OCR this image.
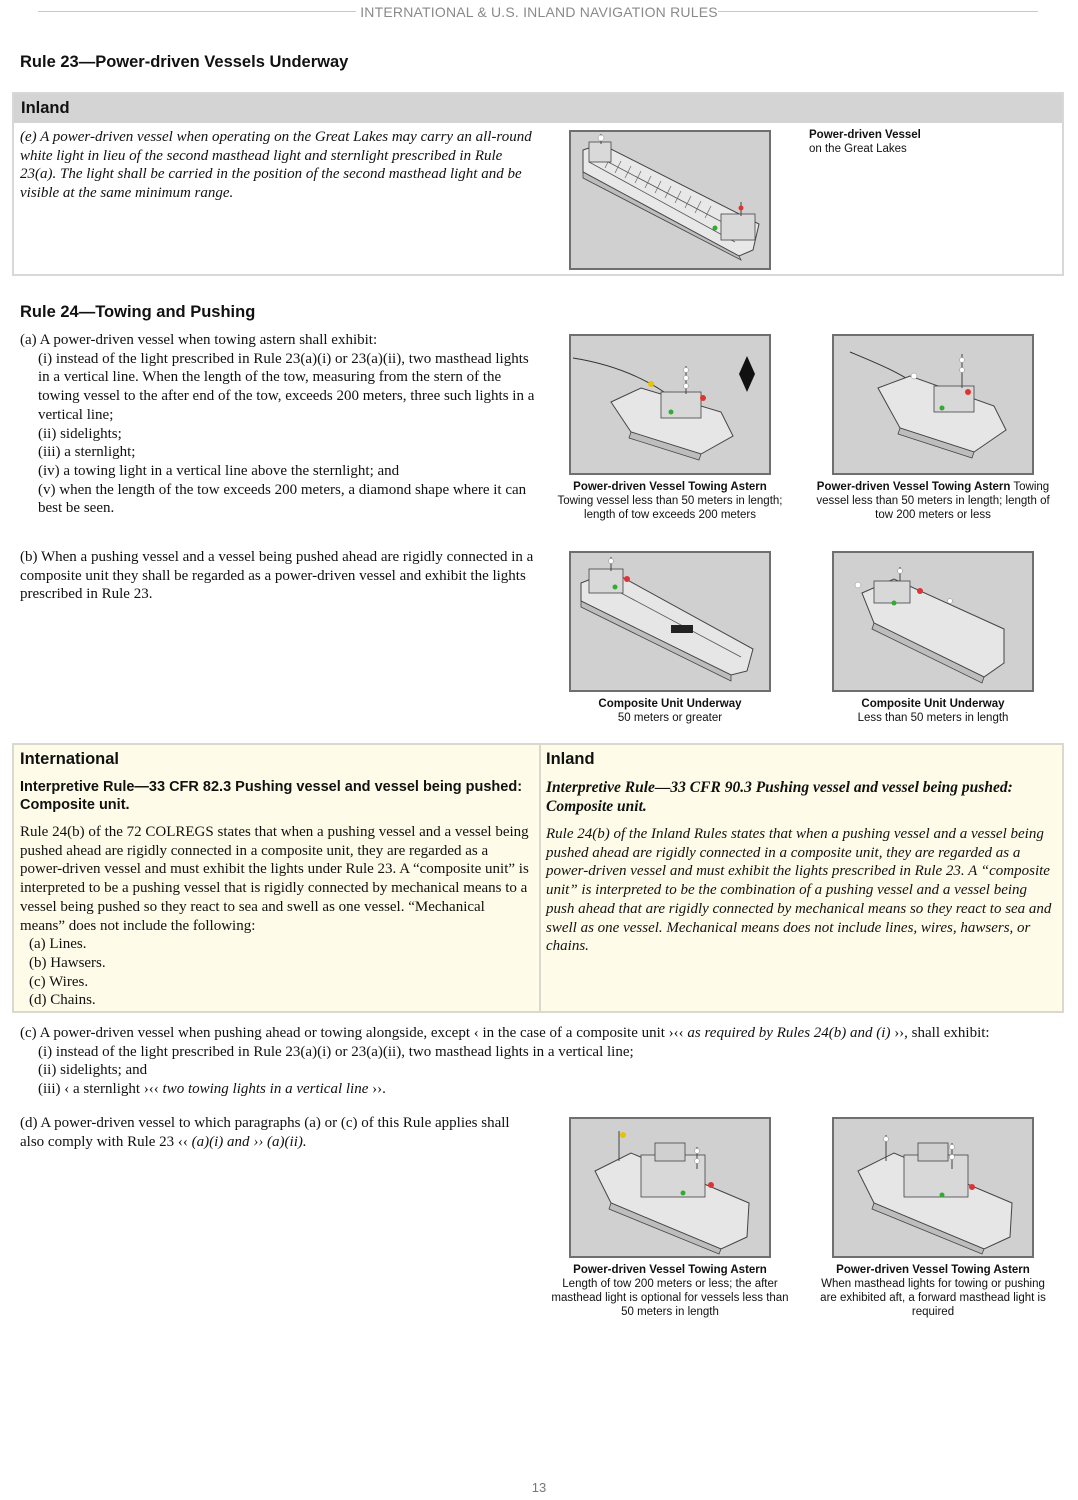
INTERNATIONAL & U.S. INLAND NAVIGATION RULES
Rule 23—Power-driven Vessels Underway
Inland
(e) A power-driven vessel when operating on the Great Lakes may carry an all-round white light in lieu of the second masthead light and sternlight prescribed in Rule 23(a). The light shall be carried in the position of the second masthead light and be visible at the same minimum range.
Power-driven Vessel
on the Great Lakes
Rule 24—Towing and Pushing

(a) A power-driven vessel when towing astern shall exhibit:

(i) instead of the light prescribed in Rule 23(a)(i) or 23(a)(ii), two masthead lights in a vertical line. When the length of the tow, measuring from the stern of the towing vessel to the after end of the tow, exceeds 200 meters, three such lights in a vertical line;

(ii) sidelights;

(iii) a sternlight;

(iv) a towing light in a vertical line above the sternlight; and

(v) when the length of the tow exceeds 200 meters, a diamond shape where it can best be seen.

Power-driven Vessel Towing Astern
Towing vessel less than 50 meters in length; length of tow exceeds 200 meters
Power-driven Vessel Towing Astern Towing vessel less than 50 meters in length; length of tow 200 meters or less
(b) When a pushing vessel and a vessel being pushed ahead are rigidly connected in a composite unit they shall be regarded as a power-driven vessel and exhibit the lights prescribed in Rule 23.
Composite Unit Underway
50 meters or greater
Composite Unit Underway
Less than 50 meters in length
International
Interpretive Rule—33 CFR 82.3 Pushing vessel and vessel being pushed: Composite unit.
Rule 24(b) of the 72 COLREGS states that when a pushing vessel and a vessel being pushed ahead are rigidly connected in a composite unit, they are regarded as a power-driven vessel and must exhibit the lights under Rule 23. A “composite unit” is interpreted to be a pushing vessel that is rigidly connected by mechanical means to a vessel being pushed so they react to sea and swell as one vessel. “Mechanical means” does not include the following:
(a) Lines.
(b) Hawsers.
(c) Wires.
(d) Chains.
Inland
Interpretive Rule—33 CFR 90.3 Pushing vessel and vessel being pushed: Composite unit.
Rule 24(b) of the Inland Rules states that when a pushing vessel and a vessel being pushed ahead are rigidly connected in a composite unit, they are regarded as a power-driven vessel and must exhibit the lights prescribed in Rule 23. A “composite unit” is interpreted to be the combination of a pushing vessel and a vessel being push ahead that are rigidly connected by mechanical means so they react to sea and swell as one vessel. Mechanical means does not include lines, wires, hawsers, or chains.

(c) A power-driven vessel when pushing ahead or towing alongside, except ‹ in the case of a composite unit ›‹‹ as required by Rules 24(b) and (i) ››, shall exhibit:

(i) instead of the light prescribed in Rule 23(a)(i) or 23(a)(ii), two masthead lights in a vertical line;

(ii) sidelights; and

(iii) ‹ a sternlight ›‹‹ two towing lights in a vertical line ››.

(d) A power-driven vessel to which paragraphs (a) or (c) of this Rule applies shall also comply with Rule 23 ‹‹ (a)(i) and ›› (a)(ii).
Power-driven Vessel Towing Astern
Length of tow 200 meters or less; the after masthead light is optional for vessels less than 50 meters in length
Power-driven Vessel Towing Astern
When masthead lights for towing or pushing are exhibited aft, a forward masthead light is required
13
